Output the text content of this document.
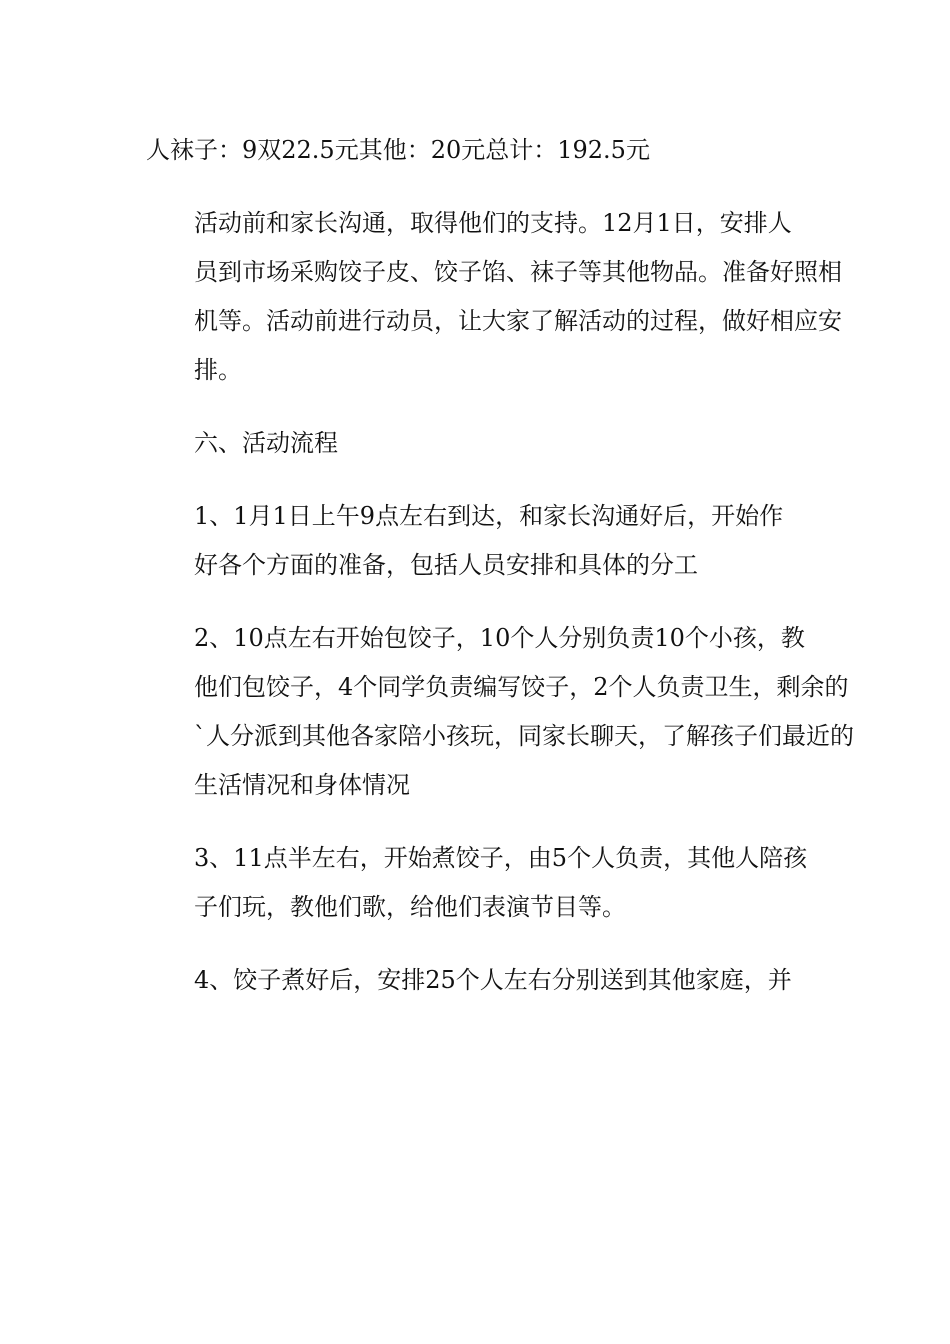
人袜子：9双22.5元其他：20元总计：192.5元
活动前和家长沟通，取得他们的支持。12月1日，安排人
员到市场采购饺子皮、饺子馅、袜子等其他物品。准备好照相
机等。活动前进行动员，让大家了解活动的过程，做好相应安
排。
六、活动流程
1、1月1日上午9点左右到达，和家长沟通好后，开始作
好各个方面的准备，包括人员安排和具体的分工
2、10点左右开始包饺子，10个人分别负责10个小孩，教
他们包饺子，4个同学负责编写饺子，2个人负责卫生，剩余的
`人分派到其他各家陪小孩玩，同家长聊天，了解孩子们最近的
生活情况和身体情况
3、11点半左右，开始煮饺子，由5个人负责，其他人陪孩
子们玩，教他们歌，给他们表演节目等。
4、饺子煮好后，安排25个人左右分别送到其他家庭，并
